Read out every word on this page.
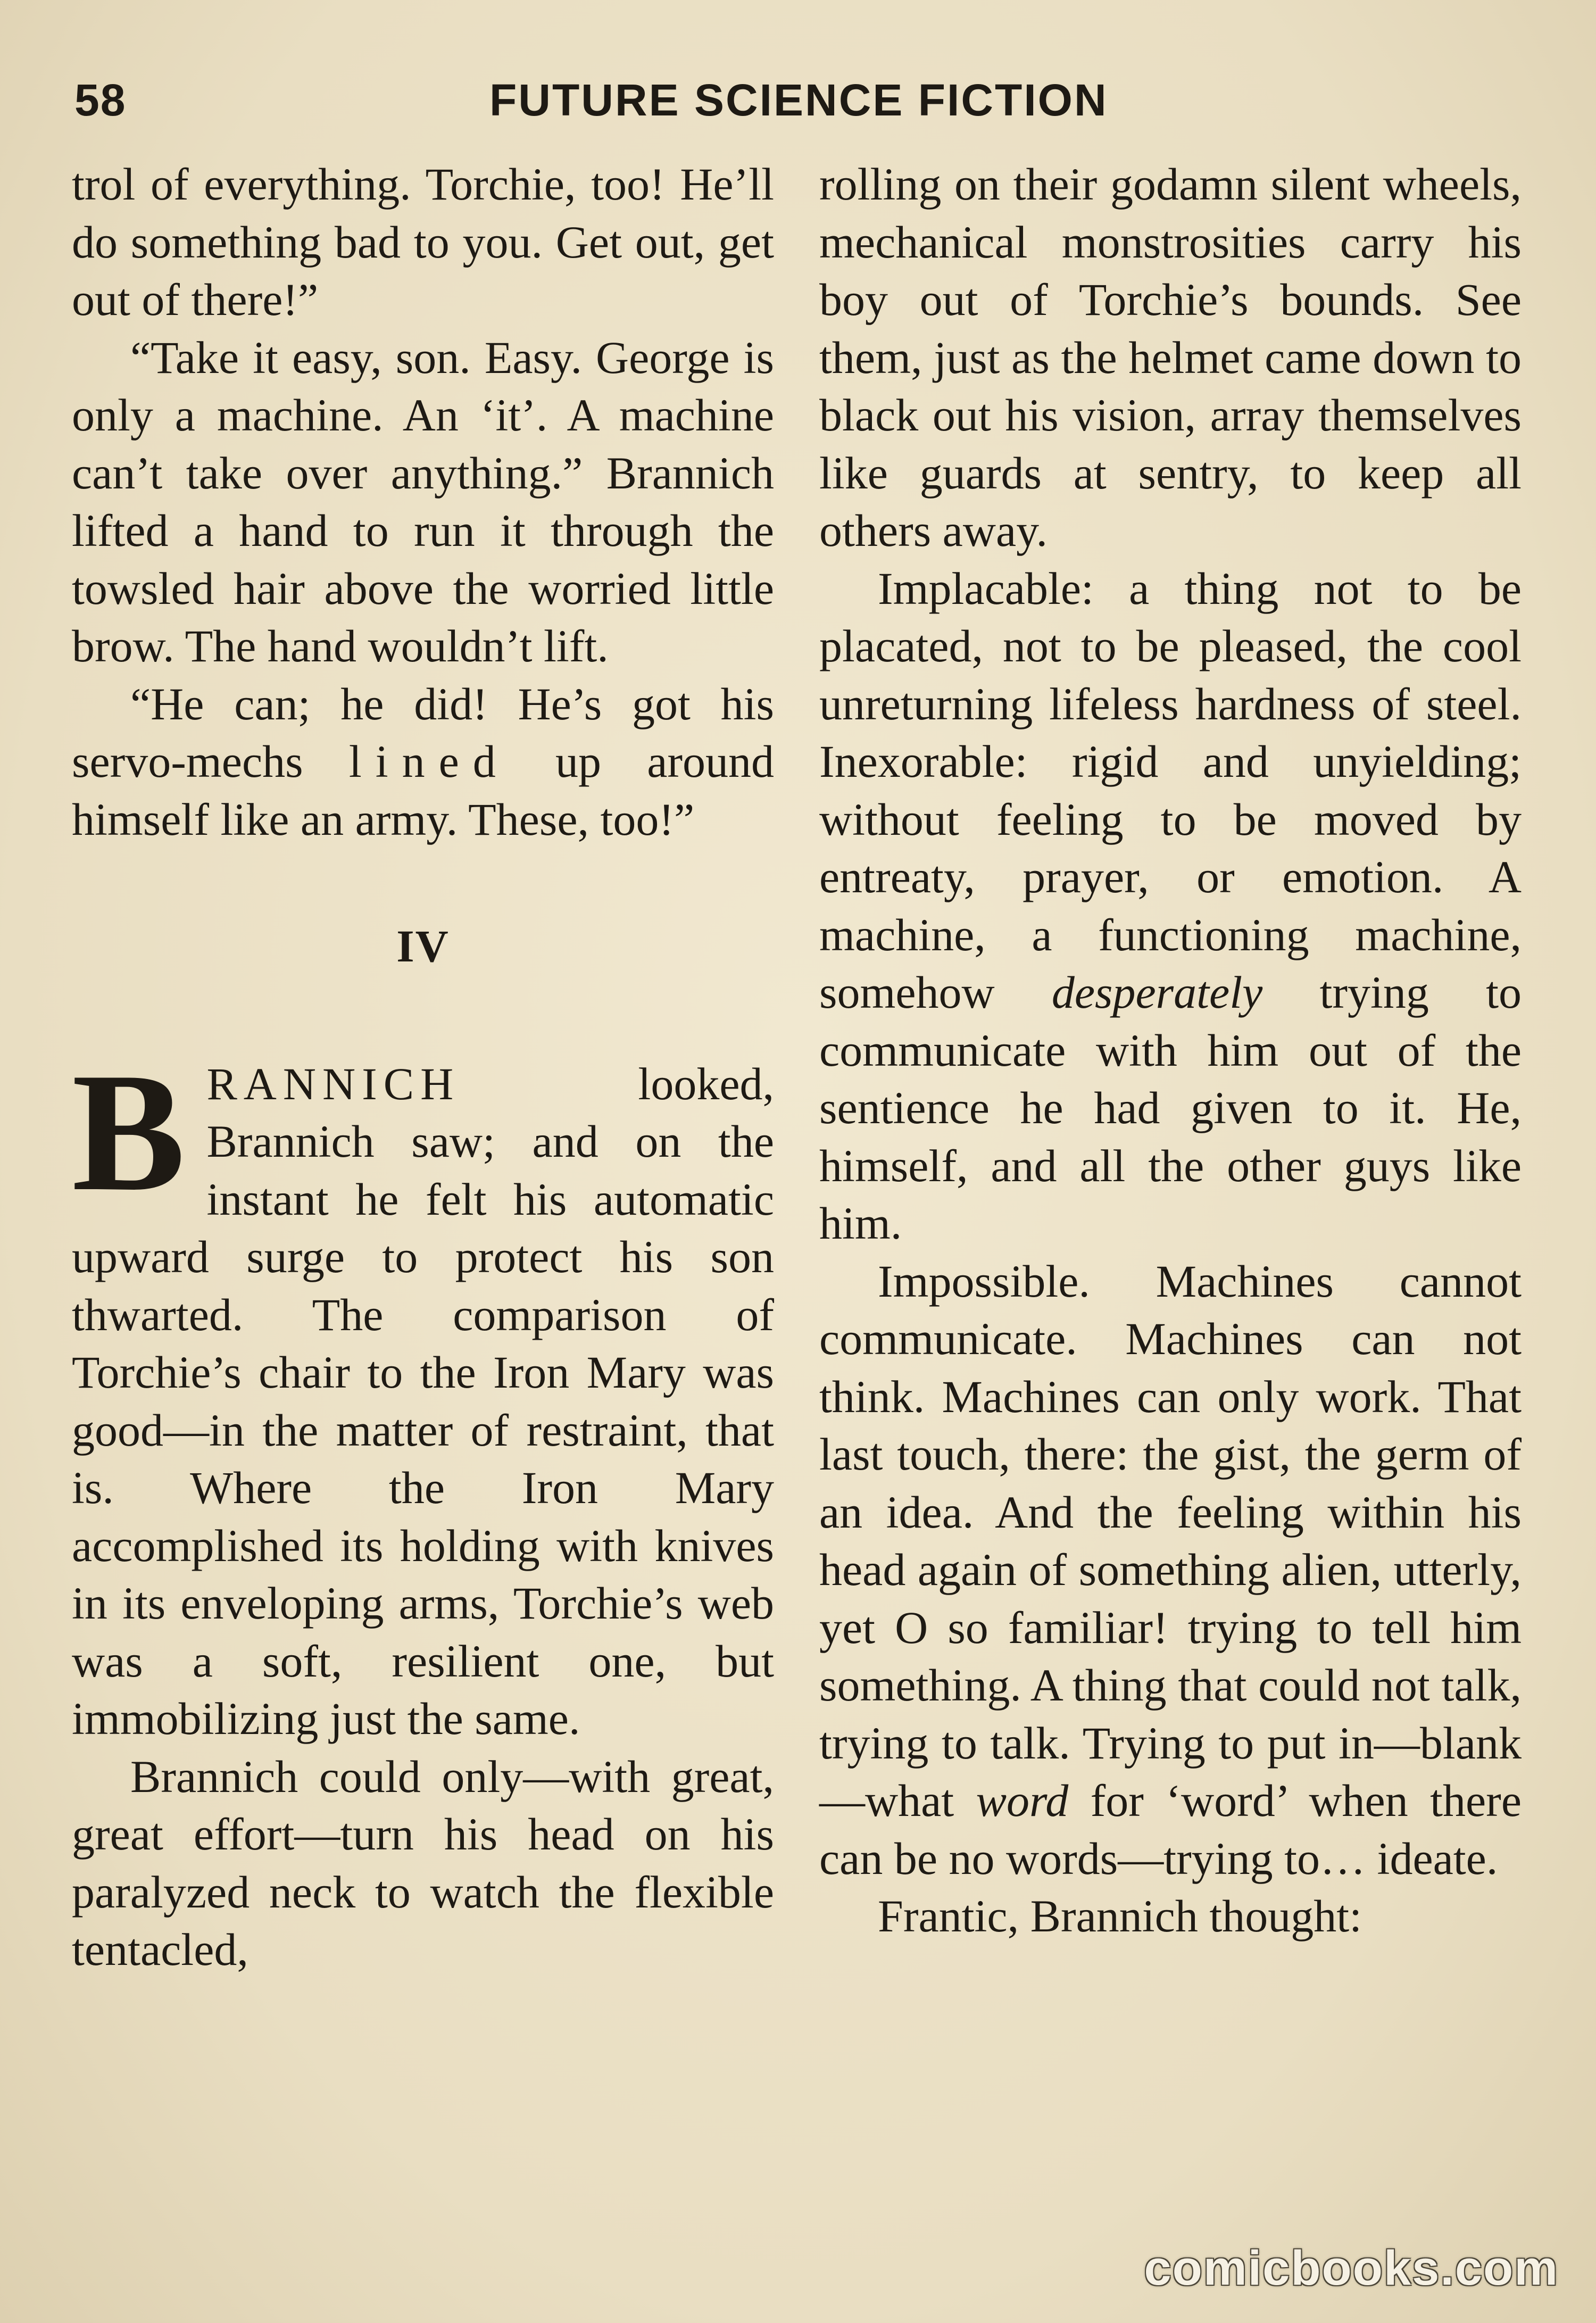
58	FUTURE SCIENCE FICTION

trol of everything. Torchie, too! He’ll do something bad to you. Get out, get out of there!”

“Take it easy, son. Easy. George is only a machine. An ‘it’. A machine can’t take over anything.” Brannich lifted a hand to run it through the towsled hair above the worried little brow. The hand wouldn’t lift.

“He can; he did! He’s got his servo-mechs lined up around himself like an army. These, too!”

IV

BRANNICH looked, Brannich saw; and on the instant he felt his automatic upward surge to protect his son thwarted. The comparison of Torchie’s chair to the Iron Mary was good—in the matter of restraint, that is. Where the Iron Mary accomplished its holding with knives in its enveloping arms, Torchie’s web was a soft, resilient one, but immobilizing just the same.

Brannich could only—with great, great effort—turn his head on his paralyzed neck to watch the flexible tentacled,

rolling on their godamn silent wheels, mechanical monstrosities carry his boy out of Torchie’s bounds. See them, just as the helmet came down to black out his vision, array themselves like guards at sentry, to keep all others away.

Implacable: a thing not to be placated, not to be pleased, the cool unreturning lifeless hardness of steel. Inexorable: rigid and unyielding; without feeling to be moved by entreaty, prayer, or emotion. A machine, a functioning machine, somehow desperately trying to communicate with him out of the sentience he had given to it. He, himself, and all the other guys like him.

Impossible. Machines cannot communicate. Machines can not think. Machines can only work. That last touch, there: the gist, the germ of an idea. And the feeling within his head again of something alien, utterly, yet O so familiar! trying to tell him something. A thing that could not talk, trying to talk. Trying to put in—blank—what word for ‘word’ when there can be no words—trying to… ideate.

Frantic, Brannich thought:

comicbooks.com
